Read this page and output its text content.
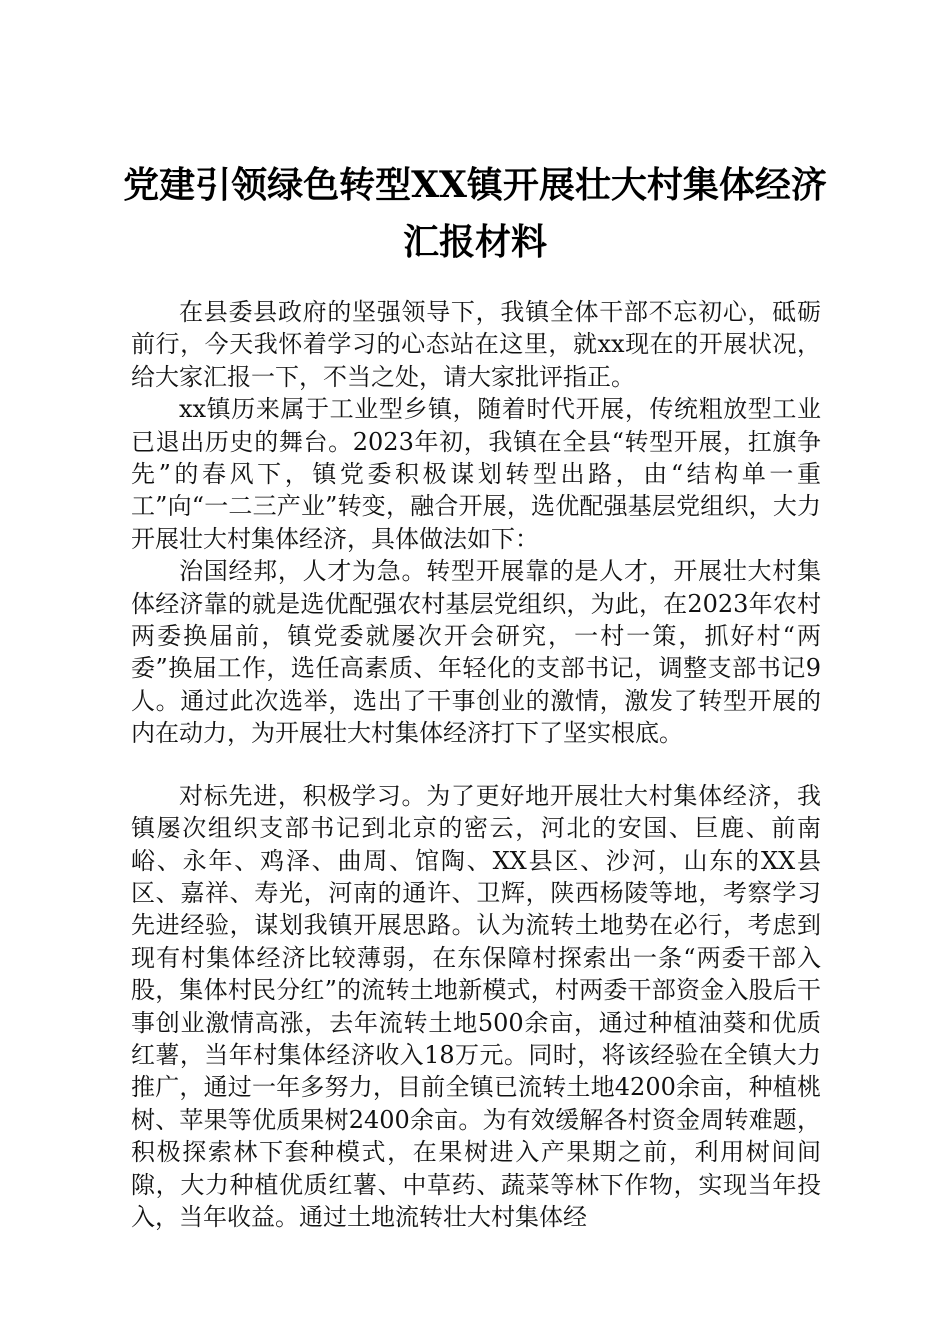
党建引领绿色转型XX镇开展壮大村集体经济
汇报材料

在县委县政府的坚强领导下，我镇全体干部不忘初心，砥砺前行，今天我怀着学习的心态站在这里，就xx现在的开展状况，给大家汇报一下，不当之处，请大家批评指正。

xx镇历来属于工业型乡镇，随着时代开展，传统粗放型工业已退出历史的舞台。2023年初，我镇在全县“转型开展，扛旗争先”的春风下，镇党委积极谋划转型出路，由“结构单一重工”向“一二三产业”转变，融合开展，选优配强基层党组织，大力开展壮大村集体经济，具体做法如下：

治国经邦，人才为急。转型开展靠的是人才，开展壮大村集体经济靠的就是选优配强农村基层党组织，为此，在2023年农村两委换届前，镇党委就屡次开会研究，一村一策，抓好村“两委”换届工作，选任高素质、年轻化的支部书记，调整支部书记9人。通过此次选举，选出了干事创业的激情，激发了转型开展的内在动力，为开展壮大村集体经济打下了坚实根底。

对标先进，积极学习。为了更好地开展壮大村集体经济，我镇屡次组织支部书记到北京的密云，河北的安国、巨鹿、前南峪、永年、鸡泽、曲周、馆陶、XX县区、沙河，山东的XX县区、嘉祥、寿光，河南的通许、卫辉，陕西杨陵等地，考察学习先进经验，谋划我镇开展思路。认为流转土地势在必行，考虑到现有村集体经济比较薄弱，在东保障村探索出一条“两委干部入股，集体村民分红”的流转土地新模式，村两委干部资金入股后干事创业激情高涨，去年流转土地500余亩，通过种植油葵和优质红薯，当年村集体经济收入18万元。同时，将该经验在全镇大力推广，通过一年多努力，目前全镇已流转土地4200余亩，种植桃树、苹果等优质果树2400余亩。为有效缓解各村资金周转难题，积极探索林下套种模式，在果树进入产果期之前，利用树间间隙，大力种植优质红薯、中草药、蔬菜等林下作物，实现当年投入，当年收益。通过土地流转壮大村集体经
